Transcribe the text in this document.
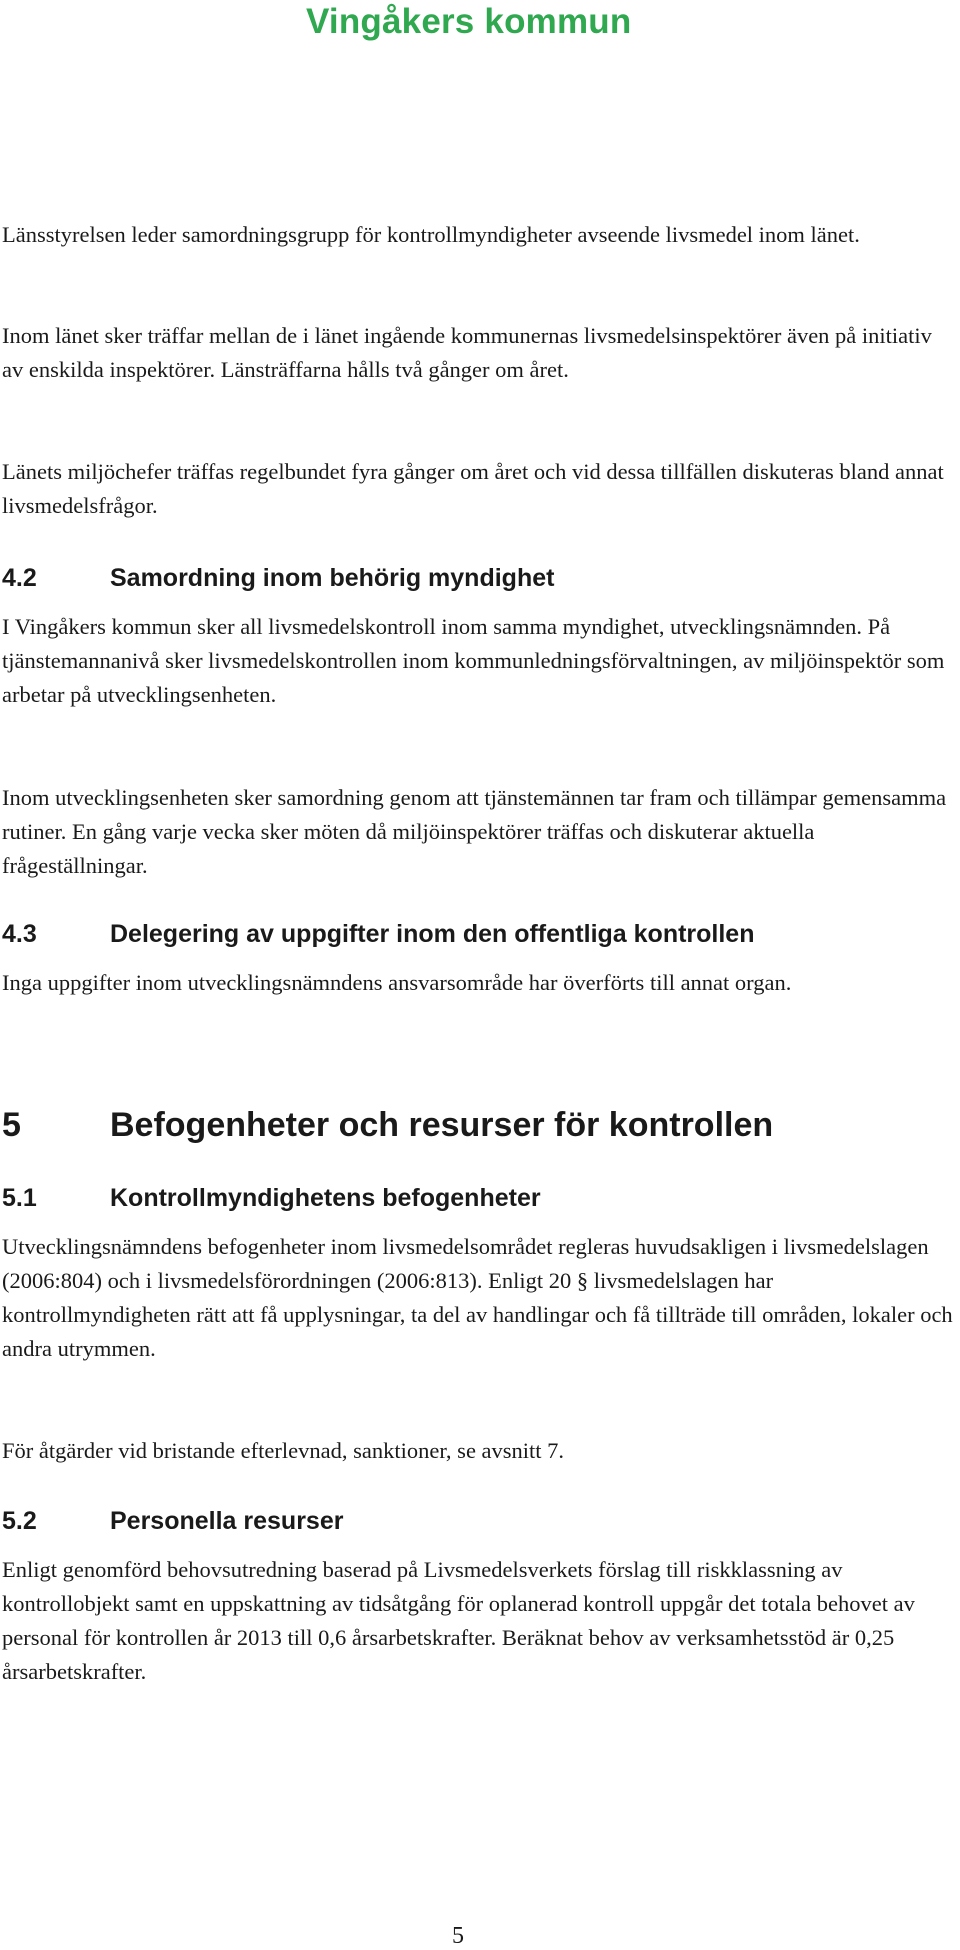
Vingåkers kommun

Länsstyrelsen leder samordningsgrupp för kontrollmyndigheter avseende livsmedel inom länet.

Inom länet sker träffar mellan de i länet ingående kommunernas livsmedelsinspektörer även på initiativ av enskilda inspektörer. Länsträffarna hålls två gånger om året.

Länets miljöchefer träffas regelbundet fyra gånger om året och vid dessa tillfällen diskuteras bland annat livsmedelsfrågor.

4.2	Samordning inom behörig myndighet

I Vingåkers kommun sker all livsmedelskontroll inom samma myndighet, utvecklingsnämnden. På tjänstemannanivå sker livsmedelskontrollen inom kommunledningsförvaltningen, av miljöinspektör som arbetar på utvecklingsenheten.

Inom utvecklingsenheten sker samordning genom att tjänstemännen tar fram och tillämpar gemensamma rutiner. En gång varje vecka sker möten då miljöinspektörer träffas och diskuterar aktuella frågeställningar.

4.3	Delegering av uppgifter inom den offentliga kontrollen

Inga uppgifter inom utvecklingsnämndens ansvarsområde har överförts till annat organ.

5	Befogenheter och resurser för kontrollen
5.1	Kontrollmyndighetens befogenheter

Utvecklingsnämndens befogenheter inom livsmedelsområdet regleras huvudsakligen i livsmedelslagen (2006:804) och i livsmedelsförordningen (2006:813). Enligt 20 § livsmedelslagen har kontrollmyndigheten rätt att få upplysningar, ta del av handlingar och få tillträde till områden, lokaler och andra utrymmen.

För åtgärder vid bristande efterlevnad, sanktioner, se avsnitt 7.

5.2	Personella resurser

Enligt genomförd behovsutredning baserad på Livsmedelsverkets förslag till riskklassning av kontrollobjekt samt en uppskattning av tidsåtgång för oplanerad kontroll uppgår det totala behovet av personal för kontrollen år 2013 till 0,6 årsarbetskrafter. Beräknat behov av verksamhetsstöd är 0,25 årsarbetskrafter.

5
